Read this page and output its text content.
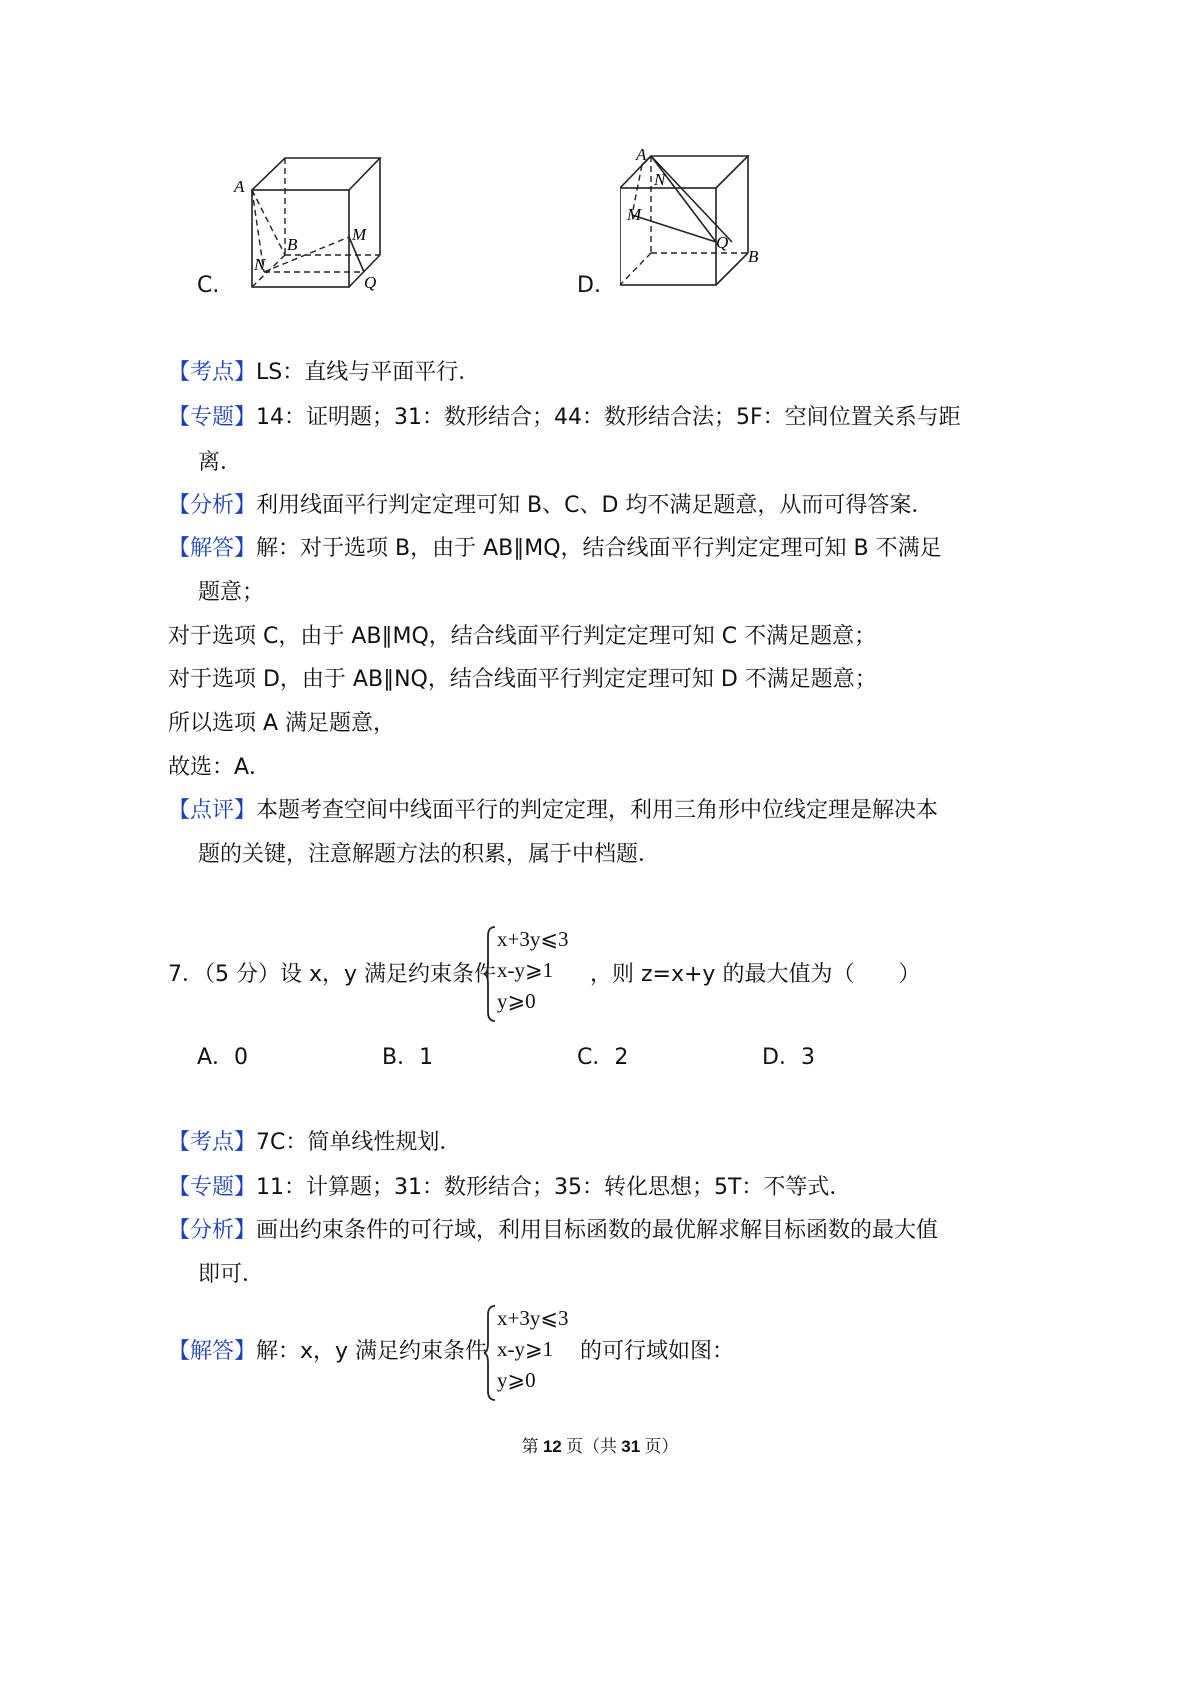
A
B
M
N
Q
C.
A
N
M
Q
B
D.
【考点】LS：直线与平面平行．
【专题】14：证明题；31：数形结合；44：数形结合法；5F：空间位置关系与距
离．
【分析】利用线面平行判定定理可知 B、C、D 均不满足题意，从而可得答案．
【解答】解：对于选项 B，由于 AB∥MQ，结合线面平行判定定理可知 B 不满足
题意；
对于选项 C，由于 AB∥MQ，结合线面平行判定定理可知 C 不满足题意；
对于选项 D，由于 AB∥NQ，结合线面平行判定定理可知 D 不满足题意；
所以选项 A 满足题意，
故选：A．
【点评】本题考查空间中线面平行的判定定理，利用三角形中位线定理是解决本
题的关键，注意解题方法的积累，属于中档题．
7．（5 分）设 x，y 满足约束条件
x+3y⩽3
x-y⩾1
y⩾0
，则 z=x+y 的最大值为（　　）
A．0	B．1	C．2	D．3
【考点】7C：简单线性规划．
【专题】11：计算题；31：数形结合；35：转化思想；5T：不等式．
【分析】画出约束条件的可行域，利用目标函数的最优解求解目标函数的最大值
即可．
【解答】解：x，y 满足约束条件
x+3y⩽3
x-y⩾1
y⩾0
的可行域如图：
第 12 页（共 31 页）
